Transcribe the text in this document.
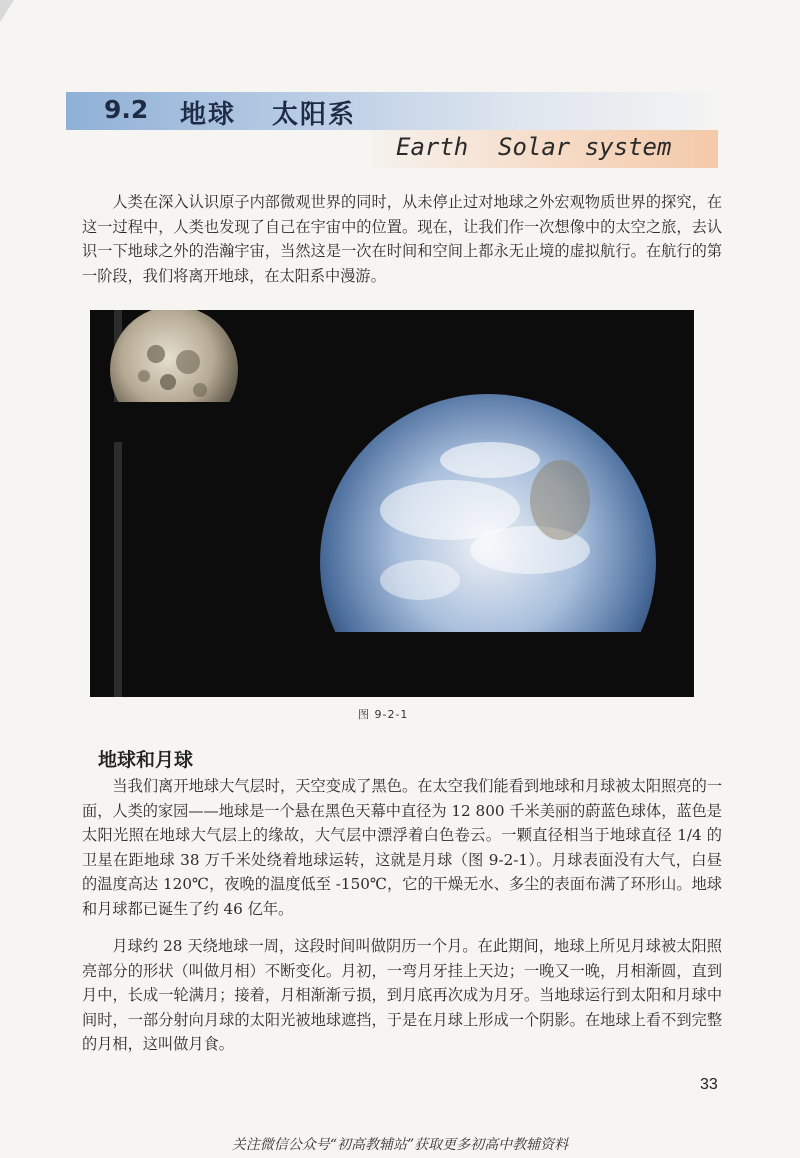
9.2 地球 太阳系
Earth Solar system

人类在深入认识原子内部微观世界的同时，从未停止过对地球之外宏观物质世界的探究，在这一过程中，人类也发现了自己在宇宙中的位置。现在，让我们作一次想像中的太空之旅，去认识一下地球之外的浩瀚宇宙，当然这是一次在时间和空间上都永无止境的虚拟航行。在航行的第一阶段，我们将离开地球，在太阳系中漫游。

图 9-2-1
地球和月球

当我们离开地球大气层时，天空变成了黑色。在太空我们能看到地球和月球被太阳照亮的一面，人类的家园——地球是一个悬在黑色天幕中直径为 12 800 千米美丽的蔚蓝色球体，蓝色是太阳光照在地球大气层上的缘故，大气层中漂浮着白色卷云。一颗直径相当于地球直径 1/4 的卫星在距地球 38 万千米处绕着地球运转，这就是月球（图 9-2-1）。月球表面没有大气，白昼的温度高达 120℃，夜晚的温度低至 -150℃，它的干燥无水、多尘的表面布满了环形山。地球和月球都已诞生了约 46 亿年。

月球约 28 天绕地球一周，这段时间叫做阴历一个月。在此期间，地球上所见月球被太阳照亮部分的形状（叫做月相）不断变化。月初，一弯月牙挂上天边；一晚又一晚，月相渐圆，直到月中，长成一轮满月；接着，月相渐渐亏损，到月底再次成为月牙。当地球运行到太阳和月球中间时，一部分射向月球的太阳光被地球遮挡，于是在月球上形成一个阴影。在地球上看不到完整的月相，这叫做月食。

33
关注微信公众号“初高教辅站”获取更多初高中教辅资料
